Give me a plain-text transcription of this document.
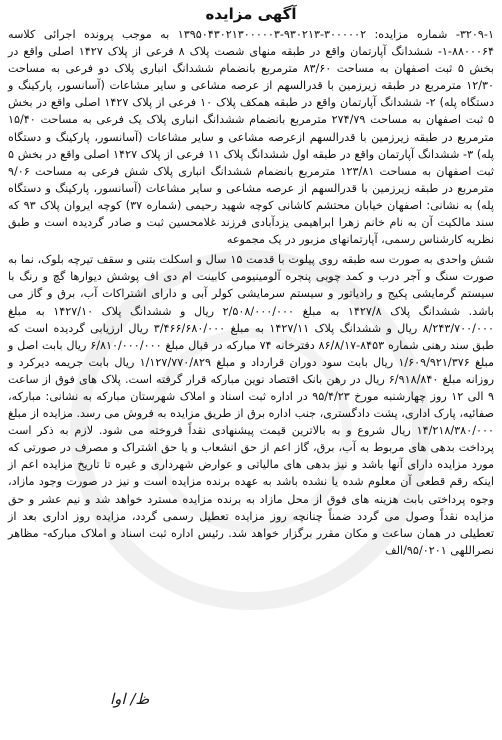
آگهی مزایده

۳۲۰۹-۱- شماره مزایده: ۳۰۰۰۰۰۲-۹۳۰۲۱۳-۱۳۹۵۰۴۳۰۲۱۳۰۰۰۰۰۳ به موجب پرونده اجرائی کلاسه ۸۸۰۰۰۶۴-۱- ششدانگ آپارتمان واقع در طبقه منهای شصت پلاک ۸ فرعی از پلاک ۱۴۲۷ اصلی واقع در بخش ۵ ثبت اصفهان به مساحت ۸۳/۶۰ مترمربع بانضمام ششدانگ انباری پلاک دو فرعی به مساحت ۱۲/۳۰ مترمربع در طبقه زیرزمین با قدرالسهم از عرصه مشاعی و سایر مشاعات (آسانسور، پارکینگ و دستگاه پله) ۲- ششدانگ آپارتمان واقع در طبقه همکف پلاک ۱۰ فرعی از پلاک ۱۴۲۷ اصلی واقع در بخش ۵ ثبت اصفهان به مساحت ۲۷۴/۷۹ مترمربع بانضمام ششدانگ انباری پلاک یک فرعی به مساحت ۱۵/۴۰ مترمربع در طبقه زیرزمین با قدرالسهم ازعرصه مشاعی و سایر مشاعات (آسانسور، پارکینگ و دستگاه پله) ۳- ششدانگ آپارتمان واقع در طبقه اول ششدانگ پلاک ۱۱ فرعی از پلاک ۱۴۲۷ اصلی واقع در بخش ۵ ثبت اصفهان به مساحت ۱۲۳/۸۱ مترمربع بانضمام ششدانگ انباری پلاک شش فرعی به مساحت ۹/۰۶ مترمربع در طبقه زیرزمین با قدرالسهم از عرصه مشاعی و سایر مشاعات (آسانسور، پارکینگ و دستگاه پله) به نشانی: اصفهان خیابان محتشم کاشانی کوچه شهید رحیمی (شماره ۳۷) کوچه ایروان پلاک ۹۳ که سند مالکیت آن به نام خانم زهرا ابراهیمی یزدآبادی فرزند غلامحسین ثبت و صادر گردیده است و طبق نظریه کارشناس رسمی، آپارتمانهای مزبور در یک مجموعه

شش واحدی به صورت سه طبقه روی پیلوت با قدمت ۱۵ سال و اسکلت بتنی و سقف تیرچه بلوک، نما به صورت سنگ و آجر درب و کمد چوبی پنجره آلومینیومی کابینت ام دی اف پوشش دیوارها گچ و رنگ با سیستم گرمایشی پکیج و رادیاتور و سیستم سرمایشی کولر آبی و دارای اشتراکات آب، برق و گاز می باشد. ششدانگ پلاک ۱۴۲۷/۸ به مبلغ ۲/۵۰۸/۰۰۰/۰۰۰ ریال و ششدانگ پلاک ۱۴۲۷/۱۰ به مبلغ ۸/۲۴۳/۷۰۰/۰۰۰ ریال و ششدانگ پلاک ۱۴۲۷/۱۱ به مبلغ ۳/۴۶۶/۶۸۰/۰۰۰ ریال ارزیابی گردیده است که طبق سند رهنی شماره ۸۴۵۳-۸۶/۸/۱۷ دفترخانه ۷۴ مبارکه در قبال مبلغ ۶/۸۱۰/۰۰۰/۰۰۰ ریال بابت اصل و مبلغ ۱/۶۰۹/۹۲۱/۳۷۶ ریال بابت سود دوران قرارداد و مبلغ ۱/۱۲۷/۷۷۰/۸۲۹ ریال بابت جریمه دیرکرد و روزانه مبلغ ۶/۹۱۸/۸۴۰ ریال در رهن بانک اقتصاد نوین مبارکه قرار گرفته است. پلاک های فوق از ساعت ۹ الی ۱۲ روز چهارشنبه مورخ ۹۵/۴/۲۳ در اداره ثبت اسناد و املاک شهرستان مبارکه به نشانی: مبارکه، صفائیه، پارک اداری، پشت دادگستری، جنب اداره برق از طریق مزایده به فروش می رسد. مزایده از مبلغ ۱۴/۲۱۸/۳۸۰/۰۰۰ ریال شروع و به بالاترین قیمت پیشنهادی نقداً فروخته می شود. لازم به ذکر است پرداخت بدهی های مربوط به آب، برق، گاز اعم از حق انشعاب و یا حق اشتراک و مصرف در صورتی که مورد مزایده دارای آنها باشد و نیز بدهی های مالیاتی و عوارض شهرداری و غیره تا تاریخ مزایده اعم از اینکه رقم قطعی آن معلوم شده یا نشده باشد به عهده برنده مزایده است و نیز در صورت وجود مازاد، وجوه پرداختی بابت هزینه های فوق از محل مازاد به برنده مزایده مسترد خواهد شد و نیم عشر و حق مزایده نقداً وصول می گردد ضمناً چنانچه روز مزایده تعطیل رسمی گردد، مزایده روز اداری بعد از تعطیلی در همان ساعت و مکان مقرر برگزار خواهد شد. رئیس اداره ثبت اسناد و املاک مبارکه- مظاهر نصراللهی ۹۵/۰۲۰۱/الف

ظ/ اوا
